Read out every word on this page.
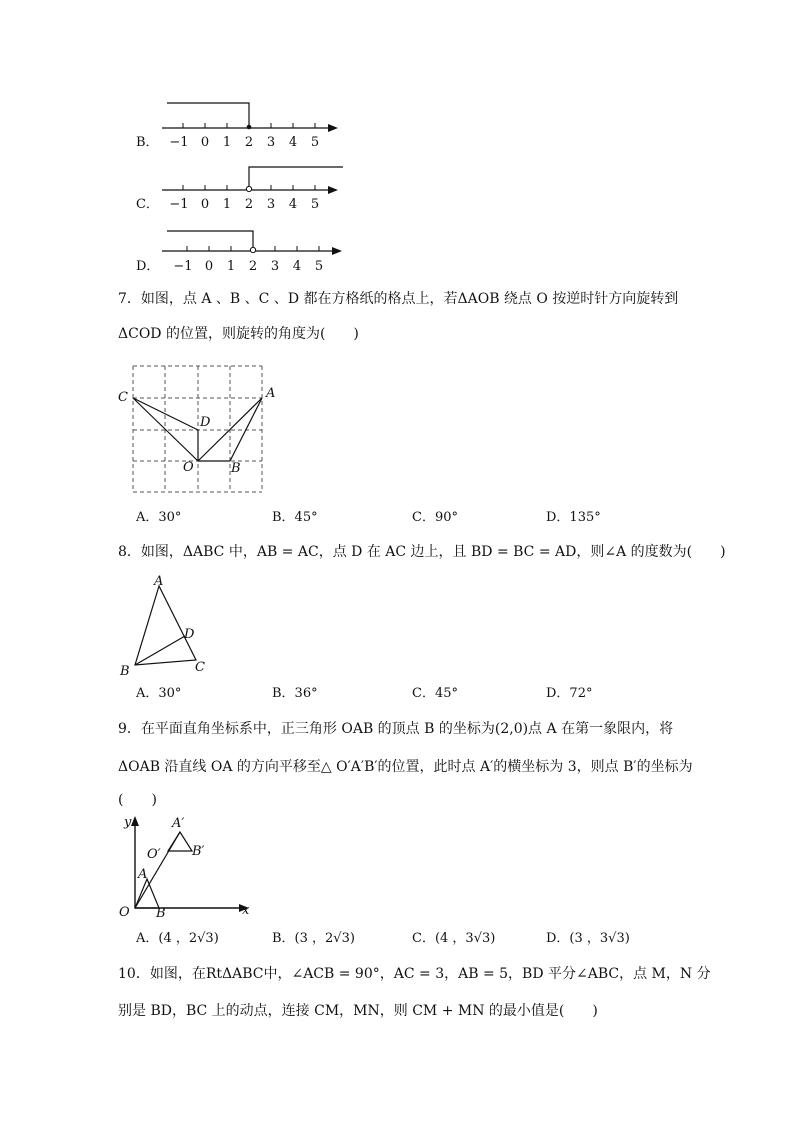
B．
C．
D．
−1 0 1 2 3 4 5
−1 0 1 2 3 4 5
−1 0 1 2 3 4 5
7．如图，点 A 、B 、C 、D 都在方格纸的格点上，若ΔAOB 绕点 O 按逆时针方向旋转到
ΔCOD 的位置，则旋转的角度为(　　)
C	A
D
O	B
A．30°	B．45°	C．90°	D．135°
8．如图，ΔABC 中，AB = AC，点 D 在 AC 边上，且 BD = BC = AD，则∠A 的度数为(　　)
A
B	C
D
A．30°	B．36°	C．45°	D．72°
9．在平面直角坐标系中，正三角形 OAB 的顶点 B 的坐标为(2,0)点 A 在第一象限内，将
ΔOAB 沿直线 OA 的方向平移至△ O′A′B′的位置，此时点 A′的横坐标为 3，则点 B′的坐标为
(　　)
y
x
O B
A
O′
A′
B′
A．(4 ，2√3)	B．(3 ，2√3)	C．(4 ，3√3)	D．(3 ，3√3)
10．如图，在RtΔABC中，∠ACB = 90°，AC = 3，AB = 5，BD 平分∠ABC，点 M，N 分
别是 BD，BC 上的动点，连接 CM，MN，则 CM + MN 的最小值是(　　)
